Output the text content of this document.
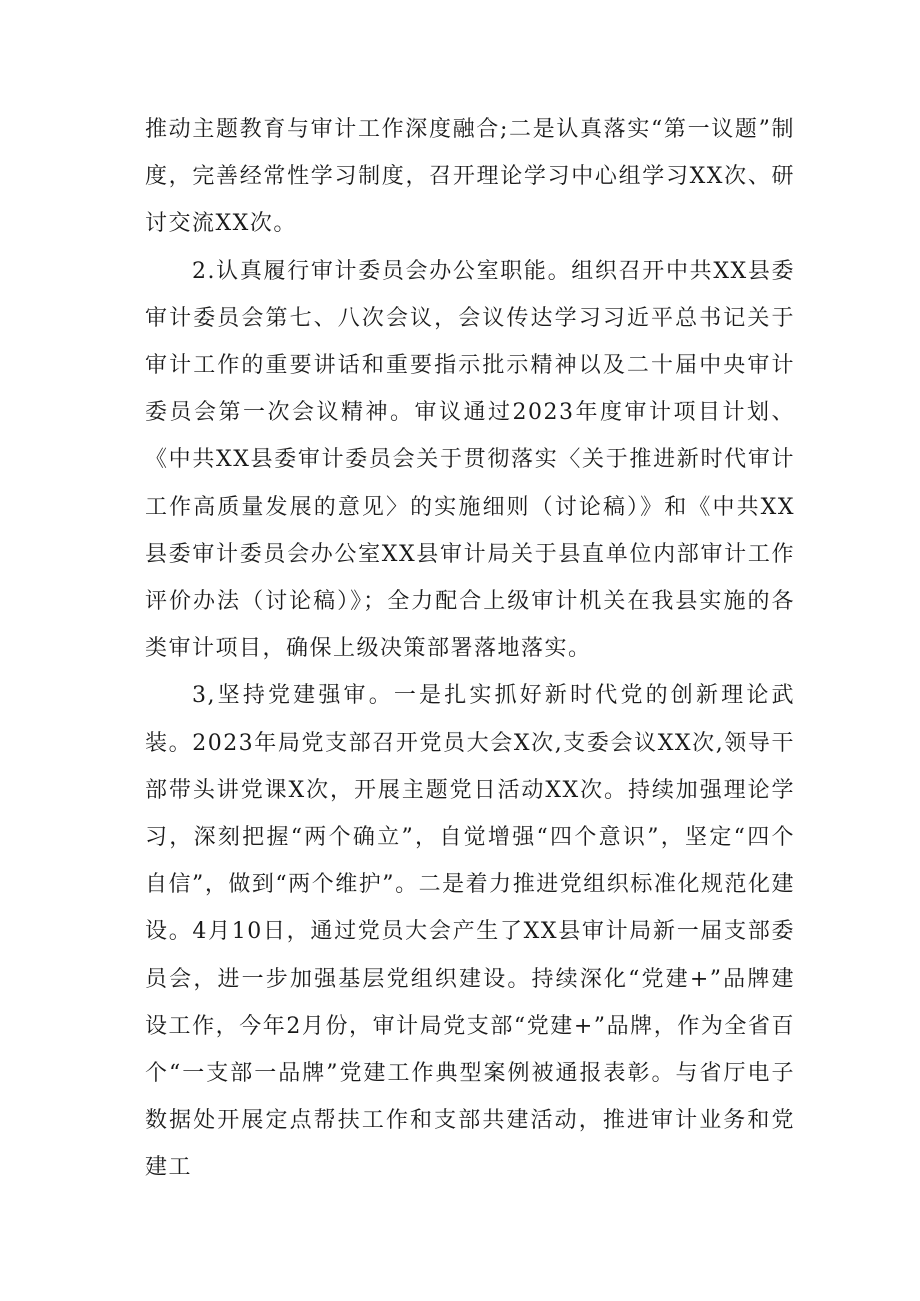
推动主题教育与审计工作深度融合;二是认真落实“第一议题”制度，完善经常性学习制度，召开理论学习中心组学习XX次、研讨交流XX次。

2.认真履行审计委员会办公室职能。组织召开中共XX县委审计委员会第七、八次会议，会议传达学习习近平总书记关于审计工作的重要讲话和重要指示批示精神以及二十届中央审计委员会第一次会议精神。审议通过2023年度审计项目计划、《中共XX县委审计委员会关于贯彻落实〈关于推进新时代审计工作高质量发展的意见〉的实施细则（讨论稿）》和《中共XX县委审计委员会办公室XX县审计局关于县直单位内部审计工作评价办法（讨论稿）》；全力配合上级审计机关在我县实施的各类审计项目，确保上级决策部署落地落实。

3,坚持党建强审。一是扎实抓好新时代党的创新理论武装。2023年局党支部召开党员大会X次,支委会议XX次,领导干部带头讲党课X次，开展主题党日活动XX次。持续加强理论学习，深刻把握“两个确立”，自觉增强“四个意识”，坚定“四个自信”，做到“两个维护”。二是着力推进党组织标准化规范化建设。4月10日，通过党员大会产生了XX县审计局新一届支部委员会，进一步加强基层党组织建设。持续深化“党建+”品牌建设工作，今年2月份，审计局党支部“党建+”品牌，作为全省百个“一支部一品牌”党建工作典型案例被通报表彰。与省厅电子数据处开展定点帮扶工作和支部共建活动，推进审计业务和党建工
